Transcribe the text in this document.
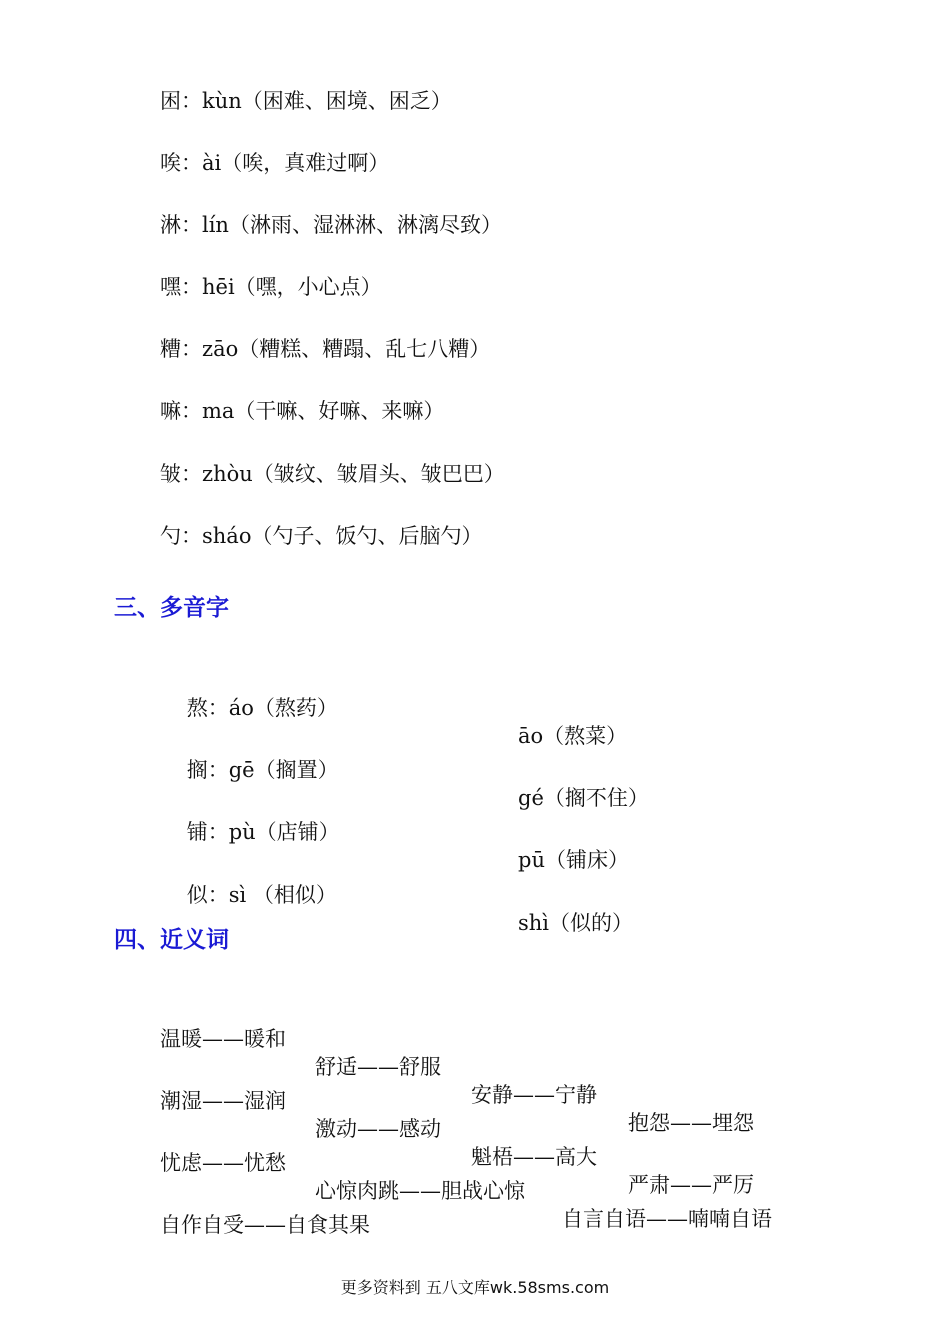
困：kùn（困难、困境、困乏）
唉：ài（唉，真难过啊）
淋：lín（淋雨、湿淋淋、淋漓尽致）
嘿：hēi（嘿，小心点）
糟：zāo（糟糕、糟蹋、乱七八糟）
嘛：ma（干嘛、好嘛、来嘛）
皱：zhòu（皱纹、皱眉头、皱巴巴）
勺：sháo（勺子、饭勺、后脑勺）
三、多音字

熬：áo（熬药）

āo（熬菜）

搁：gē（搁置）

gé（搁不住）

铺：pù（店铺）

pū（铺床）

似：sì （相似）

shì（似的）

四、近义词

温暖——暖和

舒适——舒服

安静——宁静

抱怨——埋怨

潮湿——湿润

激动——感动

魁梧——高大

严肃——严厉

忧虑——忧愁

心惊肉跳——胆战心惊

自言自语——喃喃自语

自作自受——自食其果

更多资料到 五八文库wk.58sms.com
